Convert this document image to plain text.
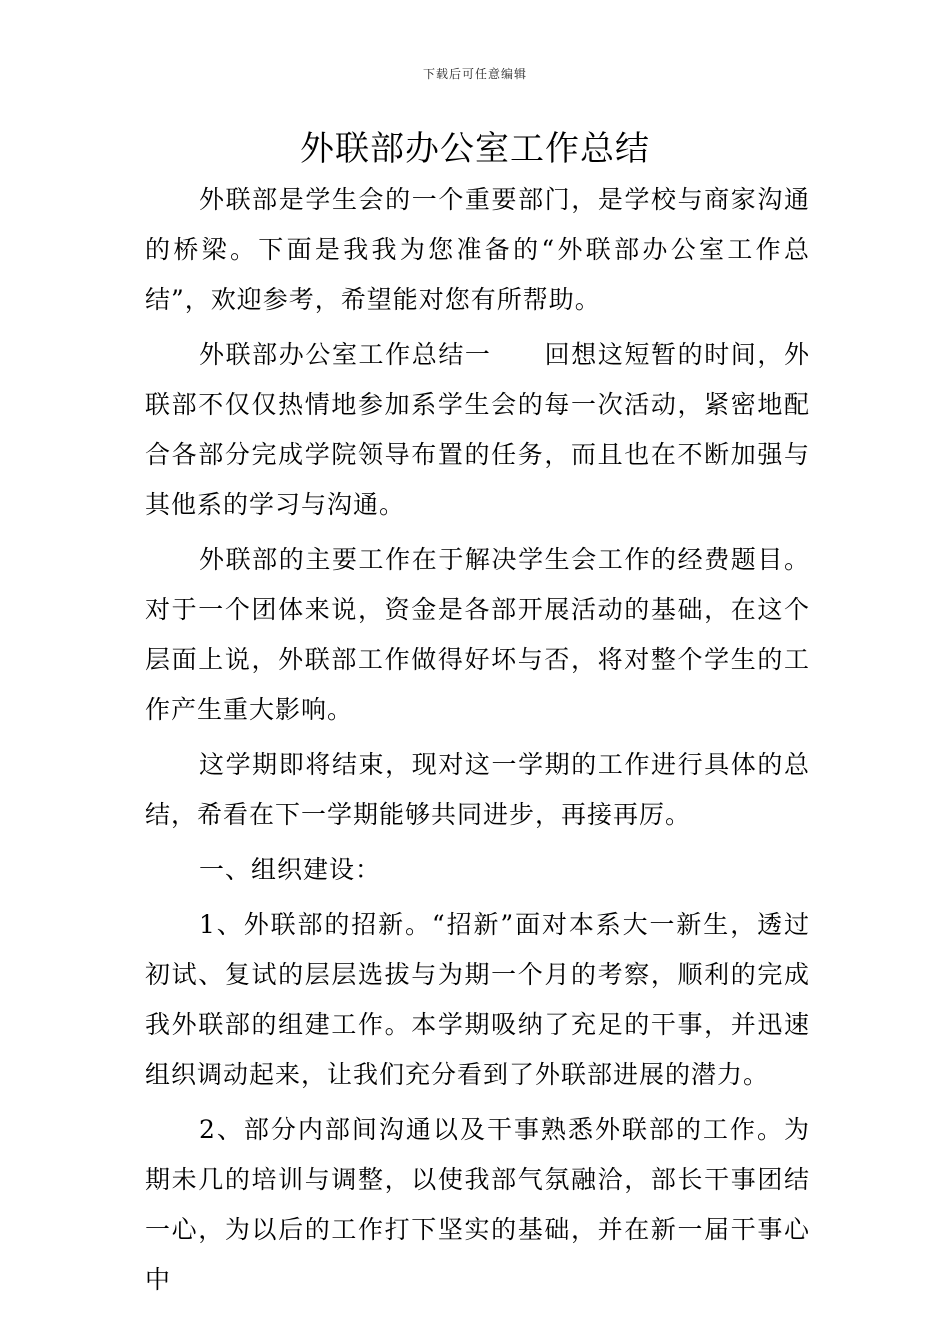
下载后可任意编辑
外联部办公室工作总结

外联部是学生会的一个重要部门，是学校与商家沟通的桥梁。下面是我我为您准备的“外联部办公室工作总结”，欢迎参考，希望能对您有所帮助。

外联部办公室工作总结一　　回想这短暂的时间，外联部不仅仅热情地参加系学生会的每一次活动，紧密地配合各部分完成学院领导布置的任务，而且也在不断加强与其他系的学习与沟通。

外联部的主要工作在于解决学生会工作的经费题目。对于一个团体来说，资金是各部开展活动的基础，在这个层面上说，外联部工作做得好坏与否，将对整个学生的工作产生重大影响。

这学期即将结束，现对这一学期的工作进行具体的总结，希看在下一学期能够共同进步，再接再厉。

一、组织建设：

1、外联部的招新。“招新”面对本系大一新生，透过初试、复试的层层选拔与为期一个月的考察，顺利的完成我外联部的组建工作。本学期吸纳了充足的干事，并迅速组织调动起来，让我们充分看到了外联部进展的潜力。

2、部分内部间沟通以及干事熟悉外联部的工作。为期未几的培训与调整，以使我部气氛融洽，部长干事团结一心，为以后的工作打下坚实的基础，并在新一届干事心中
